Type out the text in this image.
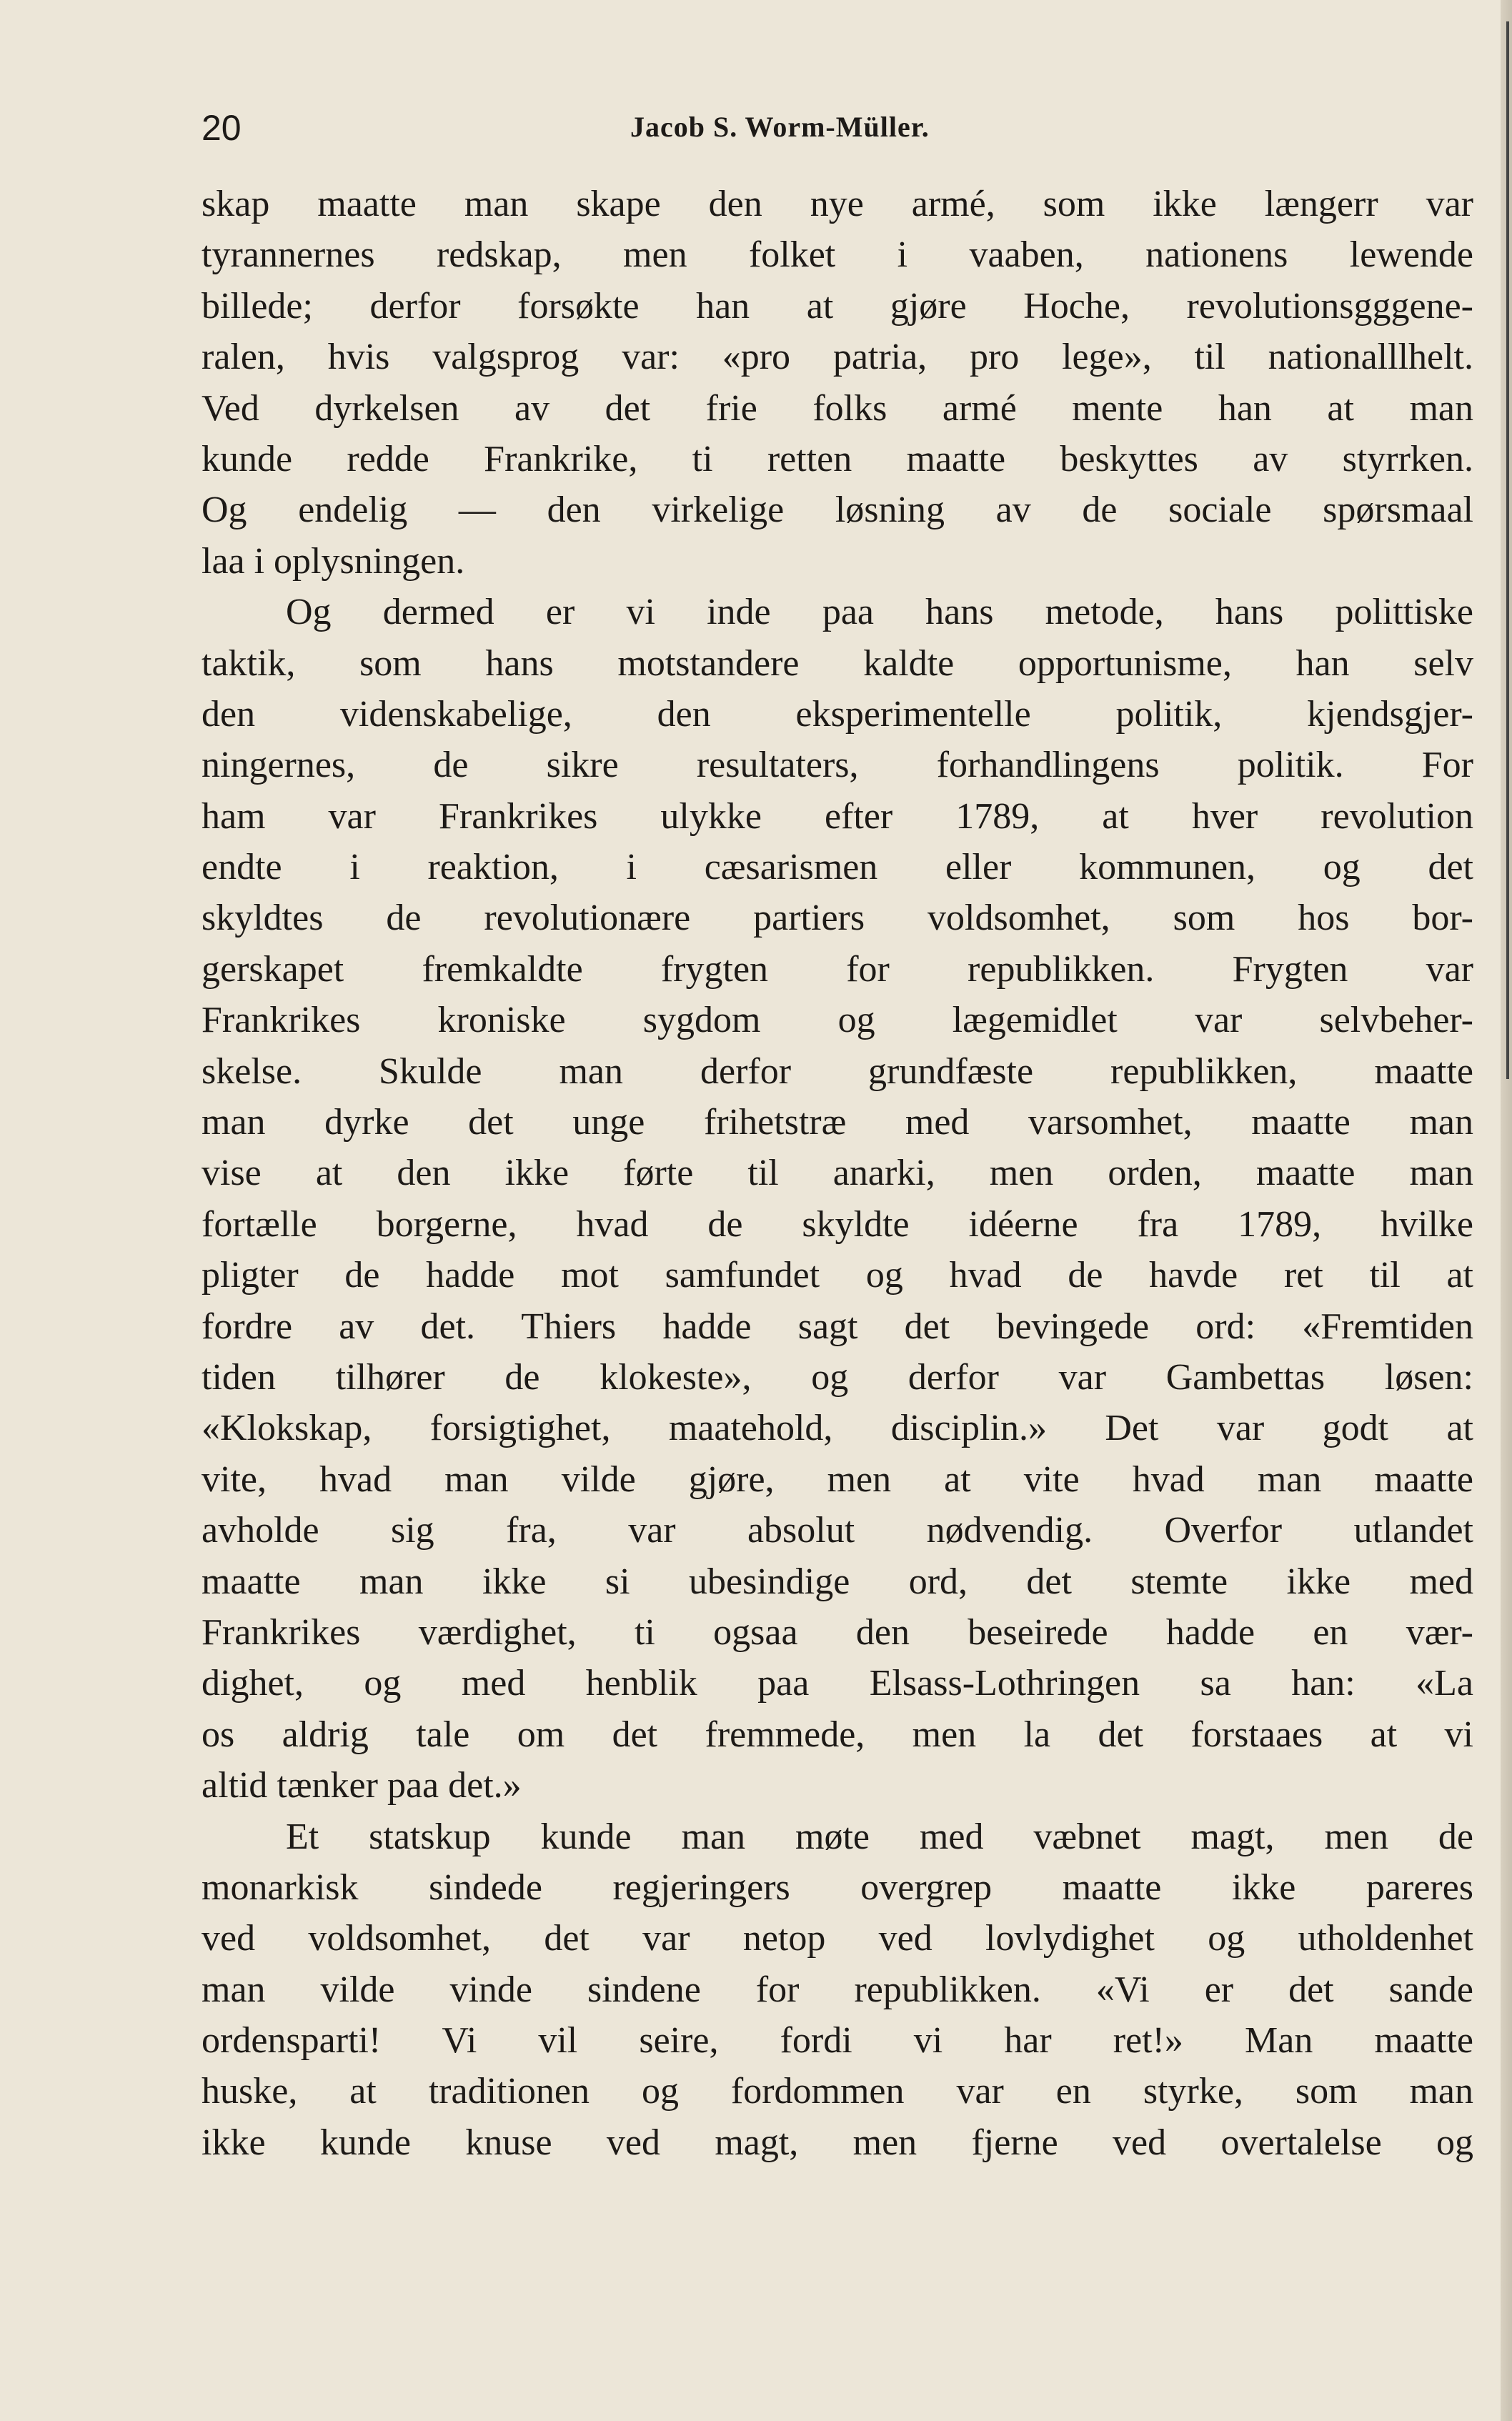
20	Jacob S. Worm-Müller.
skap maatte man skape den nye armé, som ikke længerr var
tyrannernes redskap, men folket i vaaben, nationens lewende
billede; derfor forsøkte han at gjøre Hoche, revolutionsgggene-
ralen, hvis valgsprog var: «pro patria, pro lege», til nationalllhelt.
Ved dyrkelsen av det frie folks armé mente han at man
kunde redde Frankrike, ti retten maatte beskyttes av styrrken.
Og endelig — den virkelige løsning av de sociale spørsmaal
laa i oplysningen.
Og dermed er vi inde paa hans metode, hans polittiske
taktik, som hans motstandere kaldte opportunisme, han selv
den videnskabelige, den eksperimentelle politik, kjendsgjer-
ningernes, de sikre resultaters, forhandlingens politik. For
ham var Frankrikes ulykke efter 1789, at hver revolution
endte i reaktion, i cæsarismen eller kommunen, og det
skyldtes de revolutionære partiers voldsomhet, som hos bor-
gerskapet fremkaldte frygten for republikken. Frygten var
Frankrikes kroniske sygdom og lægemidlet var selvbeher-
skelse. Skulde man derfor grundfæste republikken, maatte
man dyrke det unge frihetstræ med varsomhet, maatte man
vise at den ikke førte til anarki, men orden, maatte man
fortælle borgerne, hvad de skyldte idéerne fra 1789, hvilke
pligter de hadde mot samfundet og hvad de havde ret til at
fordre av det. Thiers hadde sagt det bevingede ord: «Fremtiden
tiden tilhører de klokeste», og derfor var Gambettas løsen:
«Klokskap, forsigtighet, maatehold, disciplin.» Det var godt at
vite, hvad man vilde gjøre, men at vite hvad man maatte
avholde sig fra, var absolut nødvendig. Overfor utlandet
maatte man ikke si ubesindige ord, det stemte ikke med
Frankrikes værdighet, ti ogsaa den beseirede hadde en vær-
dighet, og med henblik paa Elsass-Lothringen sa han: «La
os aldrig tale om det fremmede, men la det forstaaes at vi
altid tænker paa det.»
Et statskup kunde man møte med væbnet magt, men de
monarkisk sindede regjeringers overgrep maatte ikke pareres
ved voldsomhet, det var netop ved lovlydighet og utholdenhet
man vilde vinde sindene for republikken. «Vi er det sande
ordensparti! Vi vil seire, fordi vi har ret!» Man maatte
huske, at traditionen og fordommen var en styrke, som man
ikke kunde knuse ved magt, men fjerne ved overtalelse og
